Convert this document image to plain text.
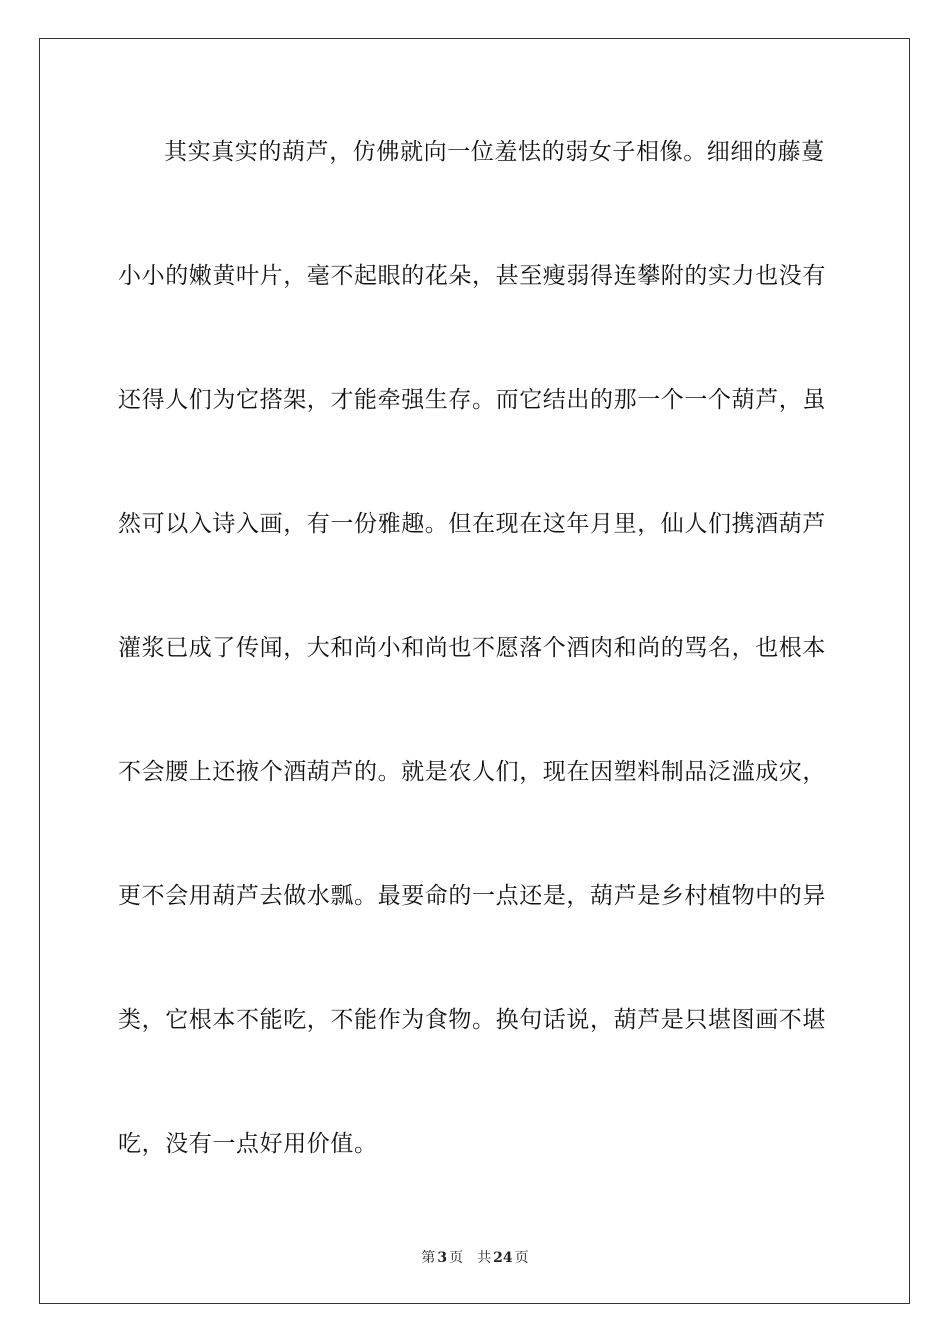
其实真实的葫芦，仿佛就向一位羞怯的弱女子相像。细细的藤蔓
小小的嫩黄叶片，毫不起眼的花朵，甚至瘦弱得连攀附的实力也没有
还得人们为它搭架，才能牵强生存。而它结出的那一个一个葫芦，虽
然可以入诗入画，有一份雅趣。但在现在这年月里，仙人们携酒葫芦
灌浆已成了传闻，大和尚小和尚也不愿落个酒肉和尚的骂名，也根本
不会腰上还掖个酒葫芦的。就是农人们，现在因塑料制品泛滥成灾，
更不会用葫芦去做水瓢。最要命的一点还是，葫芦是乡村植物中的异
类，它根本不能吃，不能作为食物。换句话说，葫芦是只堪图画不堪
吃，没有一点好用价值。
第 3 页 共 24 页
